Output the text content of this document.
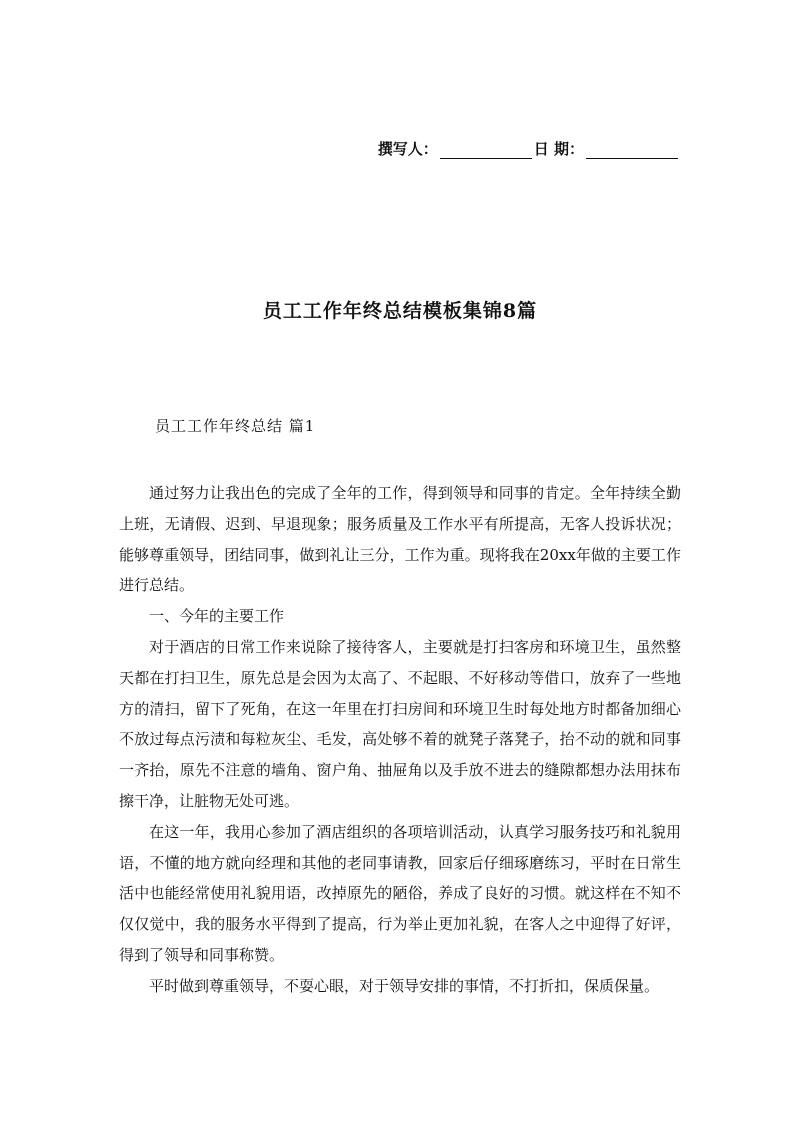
撰写人：	日 期：
员工工作年终总结模板集锦8篇
员工工作年终总结 篇1

通过努力让我出色的完成了全年的工作，得到领导和同事的肯定。全年持续全勤上班，无请假、迟到、早退现象；服务质量及工作水平有所提高，无客人投诉状况；能够尊重领导，团结同事，做到礼让三分，工作为重。现将我在20xx年做的主要工作进行总结。

一、今年的主要工作

对于酒店的日常工作来说除了接待客人，主要就是打扫客房和环境卫生，虽然整天都在打扫卫生，原先总是会因为太高了、不起眼、不好移动等借口，放弃了一些地方的清扫，留下了死角，在这一年里在打扫房间和环境卫生时每处地方时都备加细心不放过每点污渍和每粒灰尘、毛发，高处够不着的就凳子落凳子，抬不动的就和同事一齐抬，原先不注意的墙角、窗户角、抽屉角以及手放不进去的缝隙都想办法用抹布擦干净，让脏物无处可逃。

在这一年，我用心参加了酒店组织的各项培训活动，认真学习服务技巧和礼貌用语，不懂的地方就向经理和其他的老同事请教，回家后仔细琢磨练习，平时在日常生活中也能经常使用礼貌用语，改掉原先的陋俗，养成了良好的习惯。就这样在不知不仅仅觉中，我的服务水平得到了提高，行为举止更加礼貌，在客人之中迎得了好评，得到了领导和同事称赞。

平时做到尊重领导，不耍心眼，对于领导安排的事情，不打折扣，保质保量。
